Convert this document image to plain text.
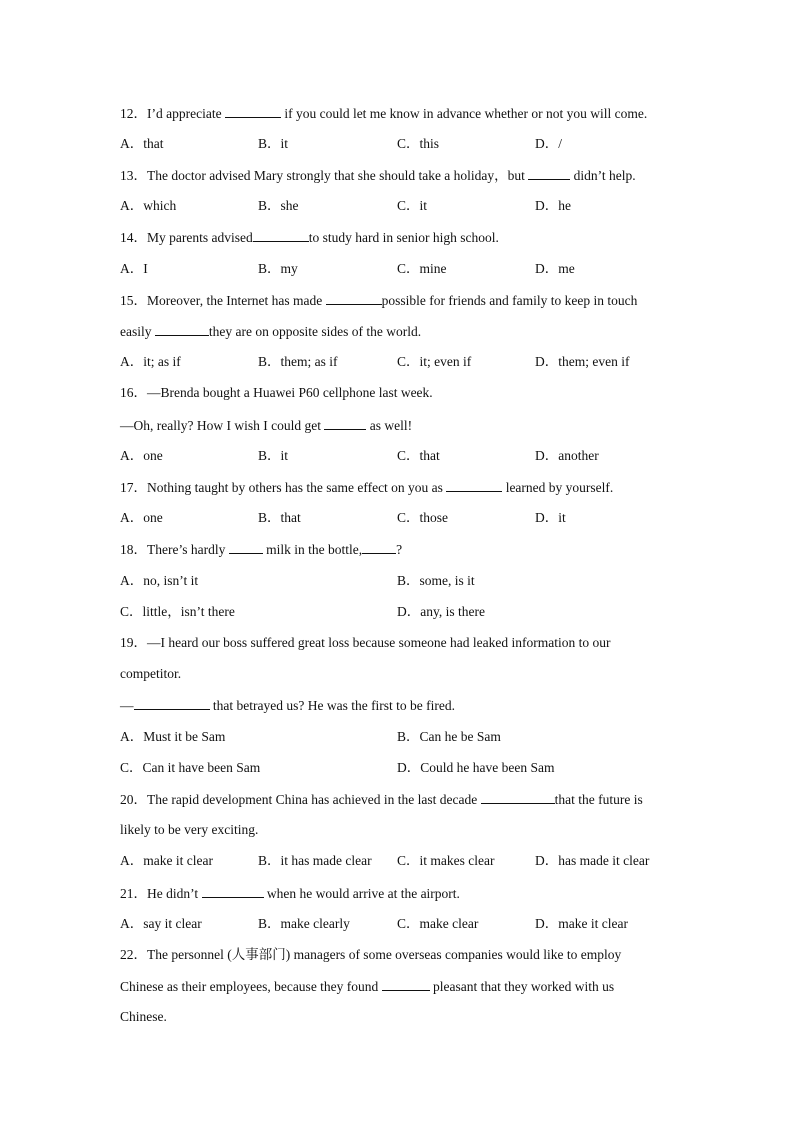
12．I’d appreciate	if you could let me know in advance whether or not you will come.
A．that	B．it	C．this	D．/
13．The doctor advised Mary strongly that she should take a holiday，but	didn’t help.
A．which	B．she	C．it	D．he
14．My parents advised	to study hard in senior high school.
A．I	B．my	C．mine	D．me
15．Moreover, the Internet has made	possible for friends and family to keep in touch
easily	they are on opposite sides of the world.
A．it; as if	B．them; as if	C．it; even if	D．them; even if
16．—Brenda bought a Huawei P60 cellphone last week.
—Oh, really? How I wish I could get	as well!
A．one	B．it	C．that	D．another
17．Nothing taught by others has the same effect on you as	learned by yourself.
A．one	B．that	C．those	D．it
18．There’s hardly	milk in the bottle,	?
A．no, isn’t it	B．some, is it
C．little，isn’t there	D．any, is there
19．—I heard our boss suffered great loss because someone had leaked information to our
competitor.
—	that betrayed us? He was the first to be fired.
A．Must it be Sam	B．Can he be Sam
C．Can it have been Sam	D．Could he have been Sam
20．The rapid development China has achieved in the last decade	that the future is
likely to be very exciting.
A．make it clear	B．it has made clear C．it makes clear	D．has made it clear
21．He didn’t	when he would arrive at the airport.
A．say it clear	B．make clearly	C．make clear	D．make it clear
22．The personnel (人事部门) managers of some overseas companies would like to employ
Chinese as their employees, because they found	pleasant that they worked with us
Chinese.
